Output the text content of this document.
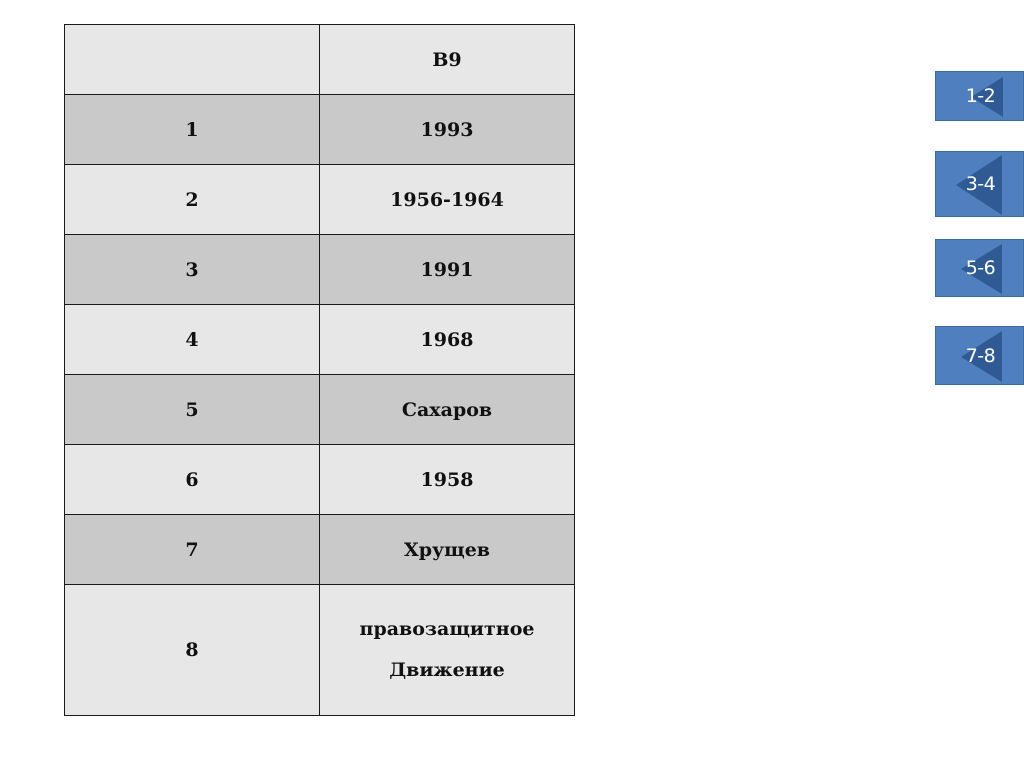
	B9
1	1993

2	1956-1964

3	1991

4	1968

5	Сахаров

6	1958

7	Хрущев

8	правозащитное
Движение
1-2
3-4
5-6
7-8
